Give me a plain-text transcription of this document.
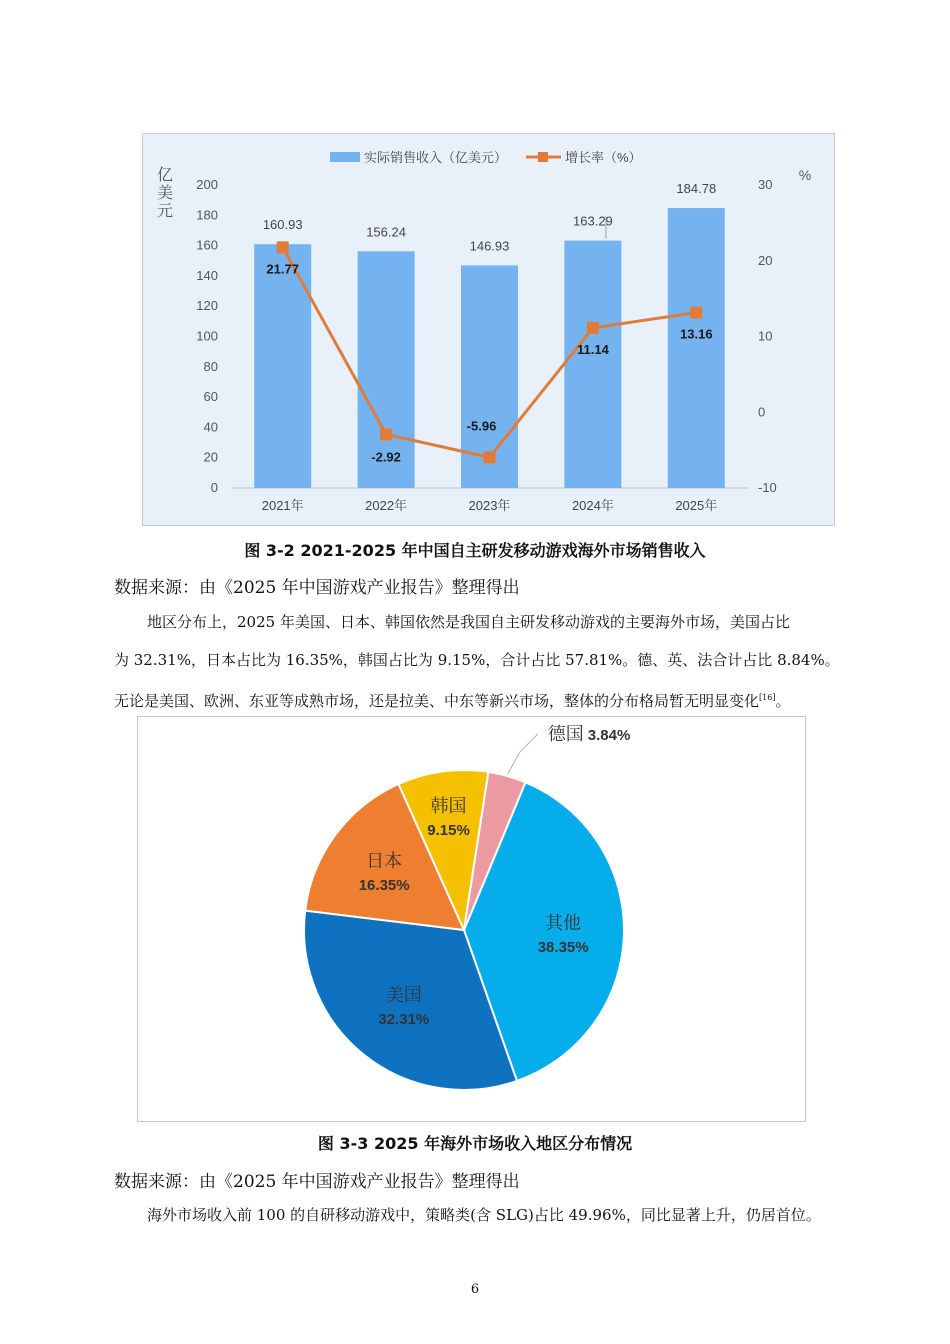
实际销售收入（亿美元）	增长率（%）
亿
美
元
%
0
20
40
60
80
100
120
140
160
180
200
-10
0
10
20
30
160.93
2021年
156.24
2022年
146.93
2023年
163.29
2024年
184.78
2025年
21.77
-2.92
-5.96
11.14
13.16
图 3-2 2021-2025 年中国自主研发移动游戏海外市场销售收入
数据来源：由《2025 年中国游戏产业报告》整理得出
地区分布上，2025 年美国、日本、韩国依然是我国自主研发移动游戏的主要海外市场，美国占比
为 32.31%，日本占比为 16.35%，韩国占比为 9.15%，合计占比 57.81%。德、英、法合计占比 8.84%。
无论是美国、欧洲、东亚等成熟市场，还是拉美、中东等新兴市场，整体的分布格局暂无明显变化[16]。
其他
38.35%
美国
32.31%
日本
16.35%
韩国
9.15%
德国 3.84%
图 3-3 2025 年海外市场收入地区分布情况
数据来源：由《2025 年中国游戏产业报告》整理得出
海外市场收入前 100 的自研移动游戏中，策略类(含 SLG)占比 49.96%，同比显著上升，仍居首位。
6
